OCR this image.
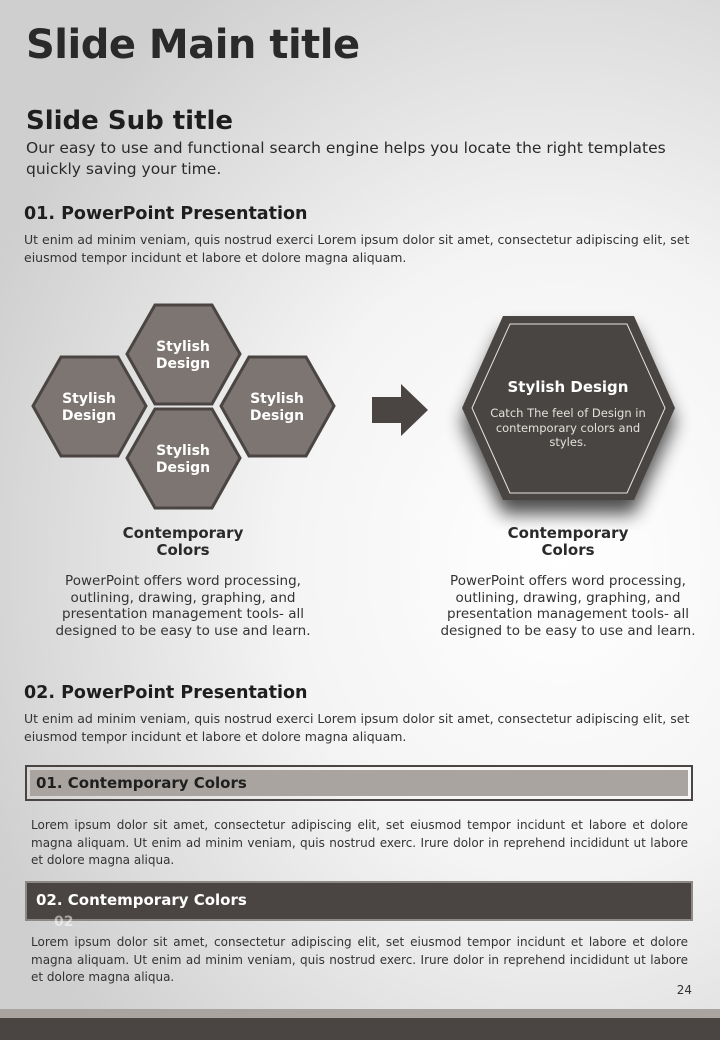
Slide Main title
Slide Sub title
Our easy to use and functional search engine helps you locate the right templates quickly saving your time.
01. PowerPoint Presentation
Ut enim ad minim veniam, quis nostrud exerci Lorem ipsum dolor sit amet, consectetur adipiscing elit, set eiusmod tempor incidunt et labore et dolore magna aliquam.
Stylish
Design
Stylish
Design
Stylish
Design
Stylish
Design
Stylish Design
Catch The feel of Design in
contemporary colors and
styles.
Contemporary
Colors
PowerPoint offers word processing,
outlining, drawing, graphing, and
presentation management tools- all
designed to be easy to use and learn.
Contemporary
Colors
PowerPoint offers word processing,
outlining, drawing, graphing, and
presentation management tools- all
designed to be easy to use and learn.
02. PowerPoint Presentation
Ut enim ad minim veniam, quis nostrud exerci Lorem ipsum dolor sit amet, consectetur adipiscing elit, set eiusmod tempor incidunt et labore et dolore magna aliquam.
01. Contemporary Colors
Lorem ipsum dolor sit amet, consectetur adipiscing elit, set eiusmod tempor incidunt et labore et dolore magna aliquam. Ut enim ad minim veniam, quis nostrud exerc. Irure dolor in reprehend incididunt ut labore et dolore magna aliqua.
02. Contemporary Colors
02
Lorem ipsum dolor sit amet, consectetur adipiscing elit, set eiusmod tempor incidunt et labore et dolore magna aliquam. Ut enim ad minim veniam, quis nostrud exerc. Irure dolor in reprehend incididunt ut labore et dolore magna aliqua.
24
